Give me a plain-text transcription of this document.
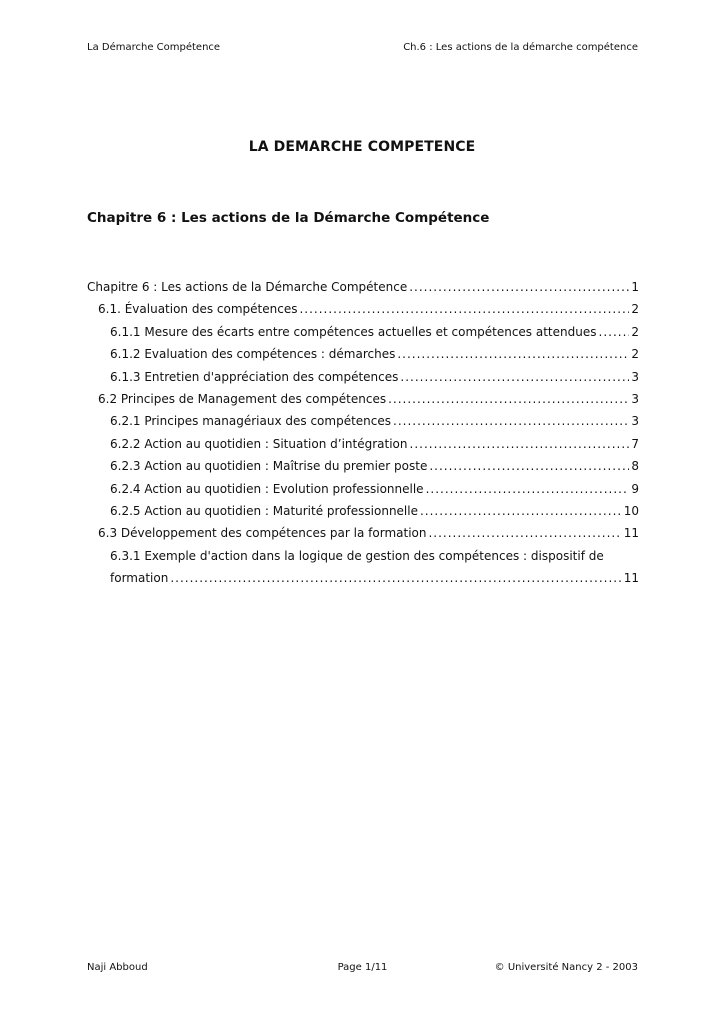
La Démarche Compétence	Ch.6 : Les actions de la démarche compétence
LA DEMARCHE COMPETENCE
Chapitre 6 : Les actions de la Démarche Compétence
Chapitre 6 : Les actions de la Démarche Compétence .....	1
6.1. Évaluation des compétences .....	2
6.1.1 Mesure des écarts entre compétences actuelles et compétences attendues .....	2
6.1.2 Evaluation des compétences : démarches .....	2
6.1.3 Entretien d'appréciation des compétences .....	3
6.2 Principes de Management des compétences .....	3
6.2.1 Principes managériaux des compétences .....	3
6.2.2 Action au quotidien : Situation d’intégration .....	7
6.2.3 Action au quotidien : Maîtrise du premier poste .....	8
6.2.4 Action au quotidien : Evolution professionnelle .....	9
6.2.5 Action au quotidien : Maturité professionnelle .....	10
6.3 Développement des compétences par la formation .....	11
6.3.1 Exemple d'action dans la logique de gestion des compétences : dispositif de
formation .....	11
Naji Abboud	Page 1/11	© Université Nancy 2 - 2003
